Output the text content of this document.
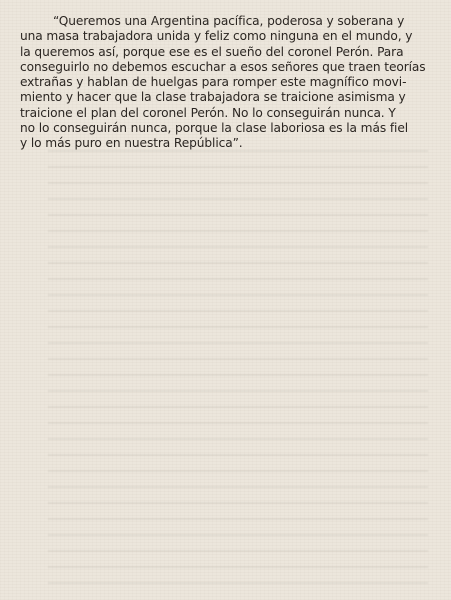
“Queremos una Argentina pacífica, poderosa y soberana y
una masa trabajadora unida y feliz como ninguna en el mundo, y
la queremos así, porque ese es el sueño del coronel Perón. Para
conseguirlo no debemos escuchar a esos señores que traen teorías
extrañas y hablan de huelgas para romper este magnífico movi-
miento y hacer que la clase trabajadora se traicione asimisma y
traicione el plan del coronel Perón. No lo conseguirán nunca. Y
no lo conseguirán nunca, porque la clase laboriosa es la más fiel
y lo más puro en nuestra República”.
